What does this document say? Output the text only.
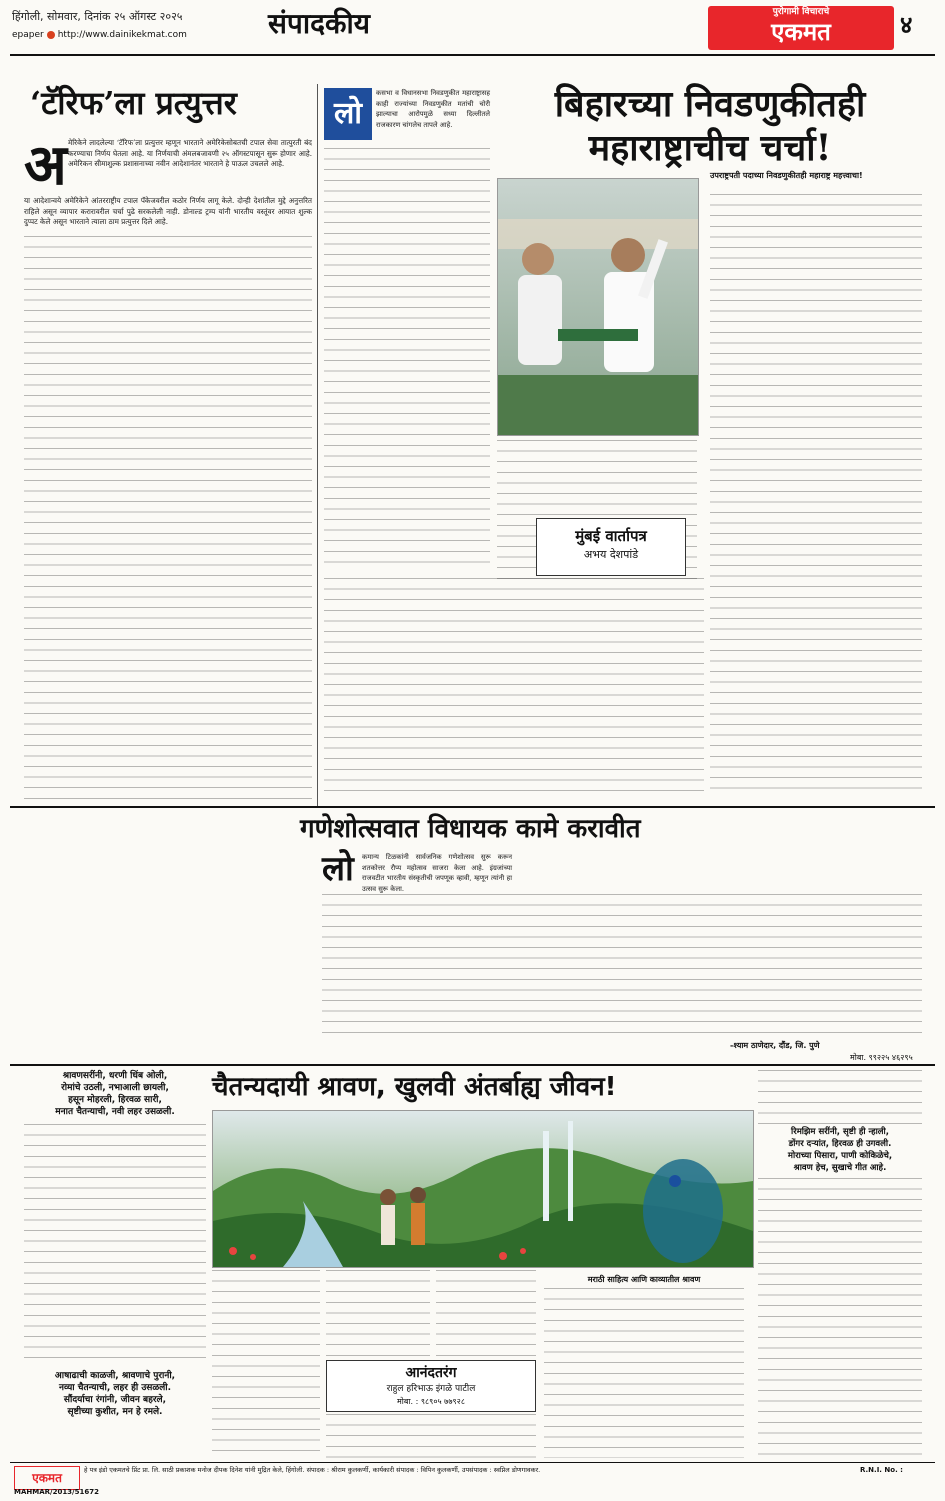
हिंगोली, सोमवार, दिनांक २५ ऑगस्ट २०२५
epaper http://www.dainikekmat.com	संपादकीय	पुरोगामी विचाराचे
एकमत	४
‘टॅरिफ’ला प्रत्युत्तर
अ मेरिकेने लादलेल्या ‘टॅरिफ’ला प्रत्युत्तर म्हणून भारताने अमेरिकेसोबतची टपाल सेवा तात्पुरती बंद करण्याचा निर्णय घेतला आहे. या निर्णयाची अंमलबजावणी २५ ऑगस्टपासून सुरू होणार आहे. अमेरिकन सीमाशुल्क प्रशासनाच्या नवीन आदेशानंतर भारताने हे पाऊल उचलले आहे.

या आदेशान्वये अमेरिकेने आंतरराष्ट्रीय टपाल पॅकेजवरील कठोर निर्णय लागू केले. दोन्ही देशांतील मुद्दे अनुत्तरित राहिले असून व्यापार करारावरील चर्चा पुढे सरकलेली नाही. डोनाल्ड ट्रम्प यांनी भारतीय वस्तूंवर आयात शुल्क दुप्पट केले असून भारताने त्याला ठाम प्रत्युत्तर दिले आहे.

लो

कसभा व विधानसभा निवडणुकीत महाराष्ट्रासह काही राज्यांच्या निवडणुकीत मतांची चोरी झाल्याचा आरोपमुळे सध्या दिल्लीतले राजकारण चांगलेच तापले आहे.	बिहारच्या निवडणुकीतही
महाराष्ट्राचीच चर्चा!
मुंबई वार्तापत्र
अभय देशपांडे
उपराष्ट्रपती पदाच्या निवडणुकीतही महाराष्ट्र महत्त्वाचा!
गणेशोत्सवात विधायक कामे करावीत
लो कमान्य टिळकांनी सार्वजनिक गणेशोत्सव सुरू करून शतकोत्तर रौप्य महोत्सव साजरा केला आहे. इंग्रजांच्या राजवटीत भारतीय संस्कृतीची जपणूक व्हावी, म्हणून त्यांनी हा उत्सव सुरू केला.

-श्याम ठाणेदार, दौंड, जि. पुणे
मोबा. ९९२२५ ४६२९५
श्रावणसरींनी, धरणी धिंब ओली,
रोमांचे उठली, नभाआली छायली,
हसून मोहरली, हिरवळ सारी,
मनात चैतन्याची, नवी लहर उसळली.
आषाढाची काळजी, श्रावणाचे पुरानी,
नव्या चैतन्याची, लहर ही उसळली.
सौंदर्याचा रंगांनी, जीवन बहरले,
सृष्टीच्या कुशीत, मन हे रमले.
चैतन्यदायी श्रावण, खुलवी अंतर्बाह्य जीवन!
आनंदतरंग
राहुल हरिभाऊ इंगळे पाटील
मोबा. : ९८९०५ ७७९२८
मराठी साहित्य आणि काव्यातील श्रावण
रिमझिम सरींनी, सृष्टी ही न्हाली,
डोंगर दऱ्यांत, हिरवळ ही उगवली.
मोराच्या पिसारा, पाणी कोकिळेचे,
श्रावण हेच, सुखाचे गीत आहे.
एकमत
हे पत्र इंडो एकमतचे प्रिंट प्रा. लि. साठी प्रकाशक मनोज दीपक दिनेश यांनी मुद्रित केले, हिंगोली. संपादक : श्रीराम कुलकर्णी, कार्यकारी संपादक : विपिन कुलकर्णी, उपसंपादक : स्वप्निल डोणगावकर.	R.N.I. No. :
MAHMAR/2013/51672
